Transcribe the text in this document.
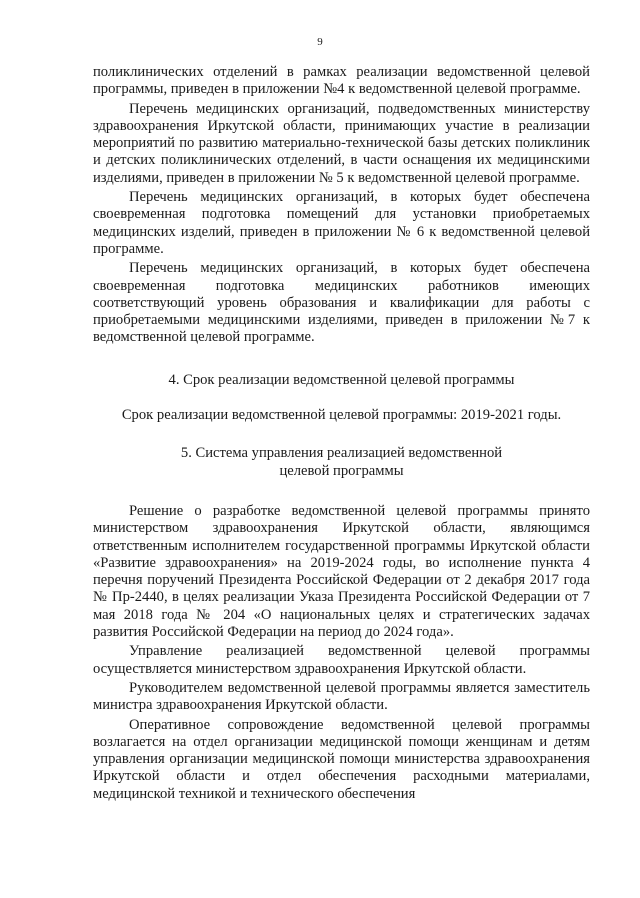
9

поликлинических отделений в рамках реализации ведомственной целевой программы, приведен в приложении №4 к ведомственной целевой программе.

Перечень медицинских организаций, подведомственных министерству здравоохранения Иркутской области, принимающих участие в реализации мероприятий по развитию материально-технической базы детских поликлиник и детских поликлинических отделений, в части оснащения их медицинскими изделиями, приведен в приложении № 5 к ведомственной целевой программе.

Перечень медицинских организаций, в которых будет обеспечена своевременная подготовка помещений для установки приобретаемых медицинских изделий, приведен в приложении № 6 к ведомственной целевой программе.

Перечень медицинских организаций, в которых будет обеспечена своевременная подготовка медицинских работников имеющих соответствующий уровень образования и квалификации для работы с приобретаемыми медицинскими изделиями, приведен в приложении №7 к ведомственной целевой программе.

4. Срок реализации ведомственной целевой программы
Срок реализации ведомственной целевой программы: 2019-2021 годы.
5. Система управления реализацией ведомственной
целевой программы

Решение о разработке ведомственной целевой программы принято министерством здравоохранения Иркутской области, являющимся ответственным исполнителем государственной программы Иркутской области «Развитие здравоохранения» на 2019-2024 годы, во исполнение пункта 4 перечня поручений Президента Российской Федерации от 2 декабря 2017 года № Пр-2440, в целях реализации Указа Президента Российской Федерации от 7 мая 2018 года № 204 «О национальных целях и стратегических задачах развития Российской Федерации на период до 2024 года».

Управление реализацией ведомственной целевой программы осуществляется министерством здравоохранения Иркутской области.

Руководителем ведомственной целевой программы является заместитель министра здравоохранения Иркутской области.

Оперативное сопровождение ведомственной целевой программы возлагается на отдел организации медицинской помощи женщинам и детям управления организации медицинской помощи министерства здравоохранения Иркутской области и отдел обеспечения расходными материалами, медицинской техникой и технического обеспечения
